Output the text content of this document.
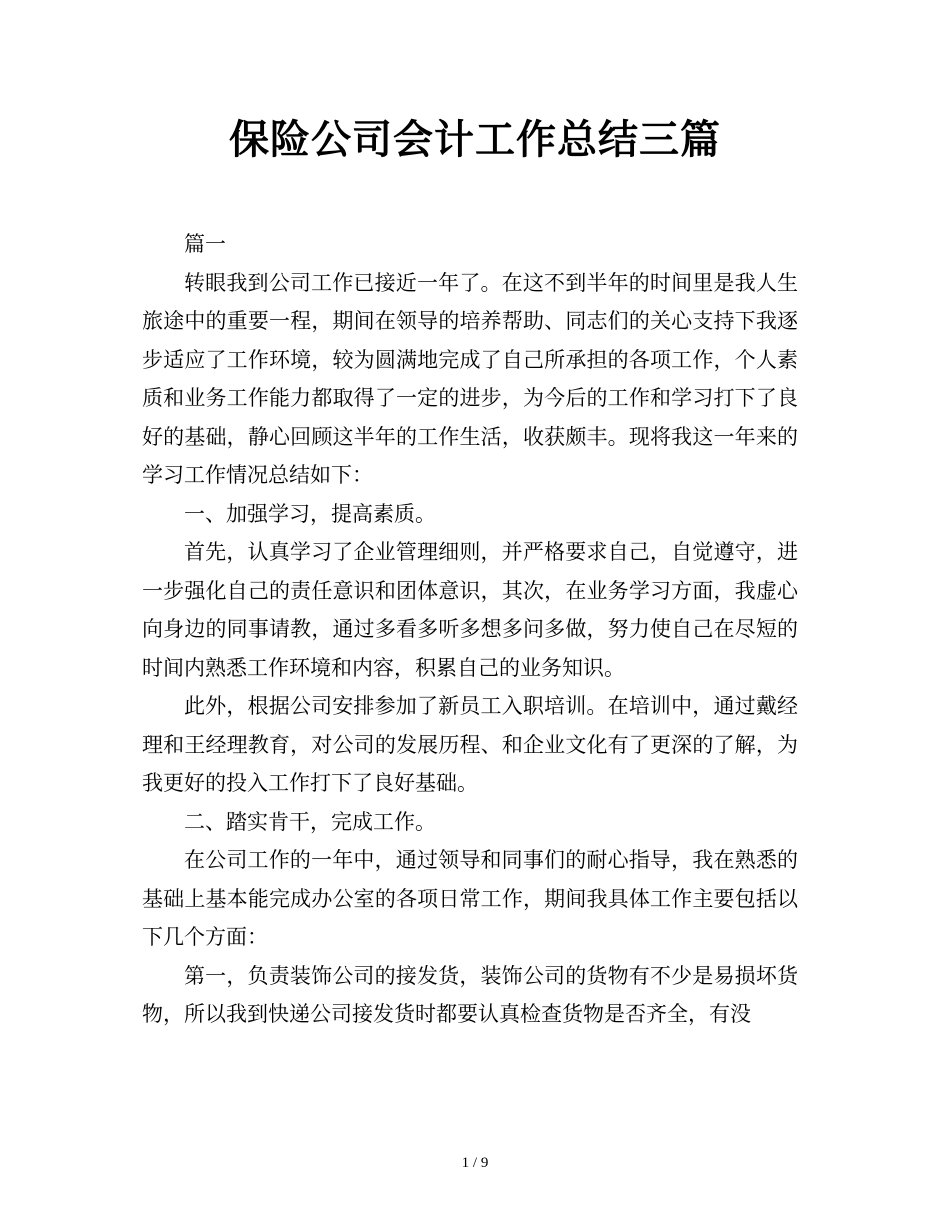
保险公司会计工作总结三篇

篇一

转眼我到公司工作已接近一年了。在这不到半年的时间里是我人生旅途中的重要一程，期间在领导的培养帮助、同志们的关心支持下我逐步适应了工作环境，较为圆满地完成了自己所承担的各项工作，个人素质和业务工作能力都取得了一定的进步，为今后的工作和学习打下了良好的基础，静心回顾这半年的工作生活，收获颇丰。现将我这一年来的学习工作情况总结如下：

一、加强学习，提高素质。

首先，认真学习了企业管理细则，并严格要求自己，自觉遵守，进一步强化自己的责任意识和团体意识，其次，在业务学习方面，我虚心向身边的同事请教，通过多看多听多想多问多做，努力使自己在尽短的时间内熟悉工作环境和内容，积累自己的业务知识。

此外，根据公司安排参加了新员工入职培训。在培训中，通过戴经理和王经理教育，对公司的发展历程、和企业文化有了更深的了解，为我更好的投入工作打下了良好基础。

二、踏实肯干，完成工作。

在公司工作的一年中，通过领导和同事们的耐心指导，我在熟悉的基础上基本能完成办公室的各项日常工作，期间我具体工作主要包括以下几个方面：

第一，负责装饰公司的接发货，装饰公司的货物有不少是易损坏货物，所以我到快递公司接发货时都要认真检查货物是否齐全，有没

1 / 9
